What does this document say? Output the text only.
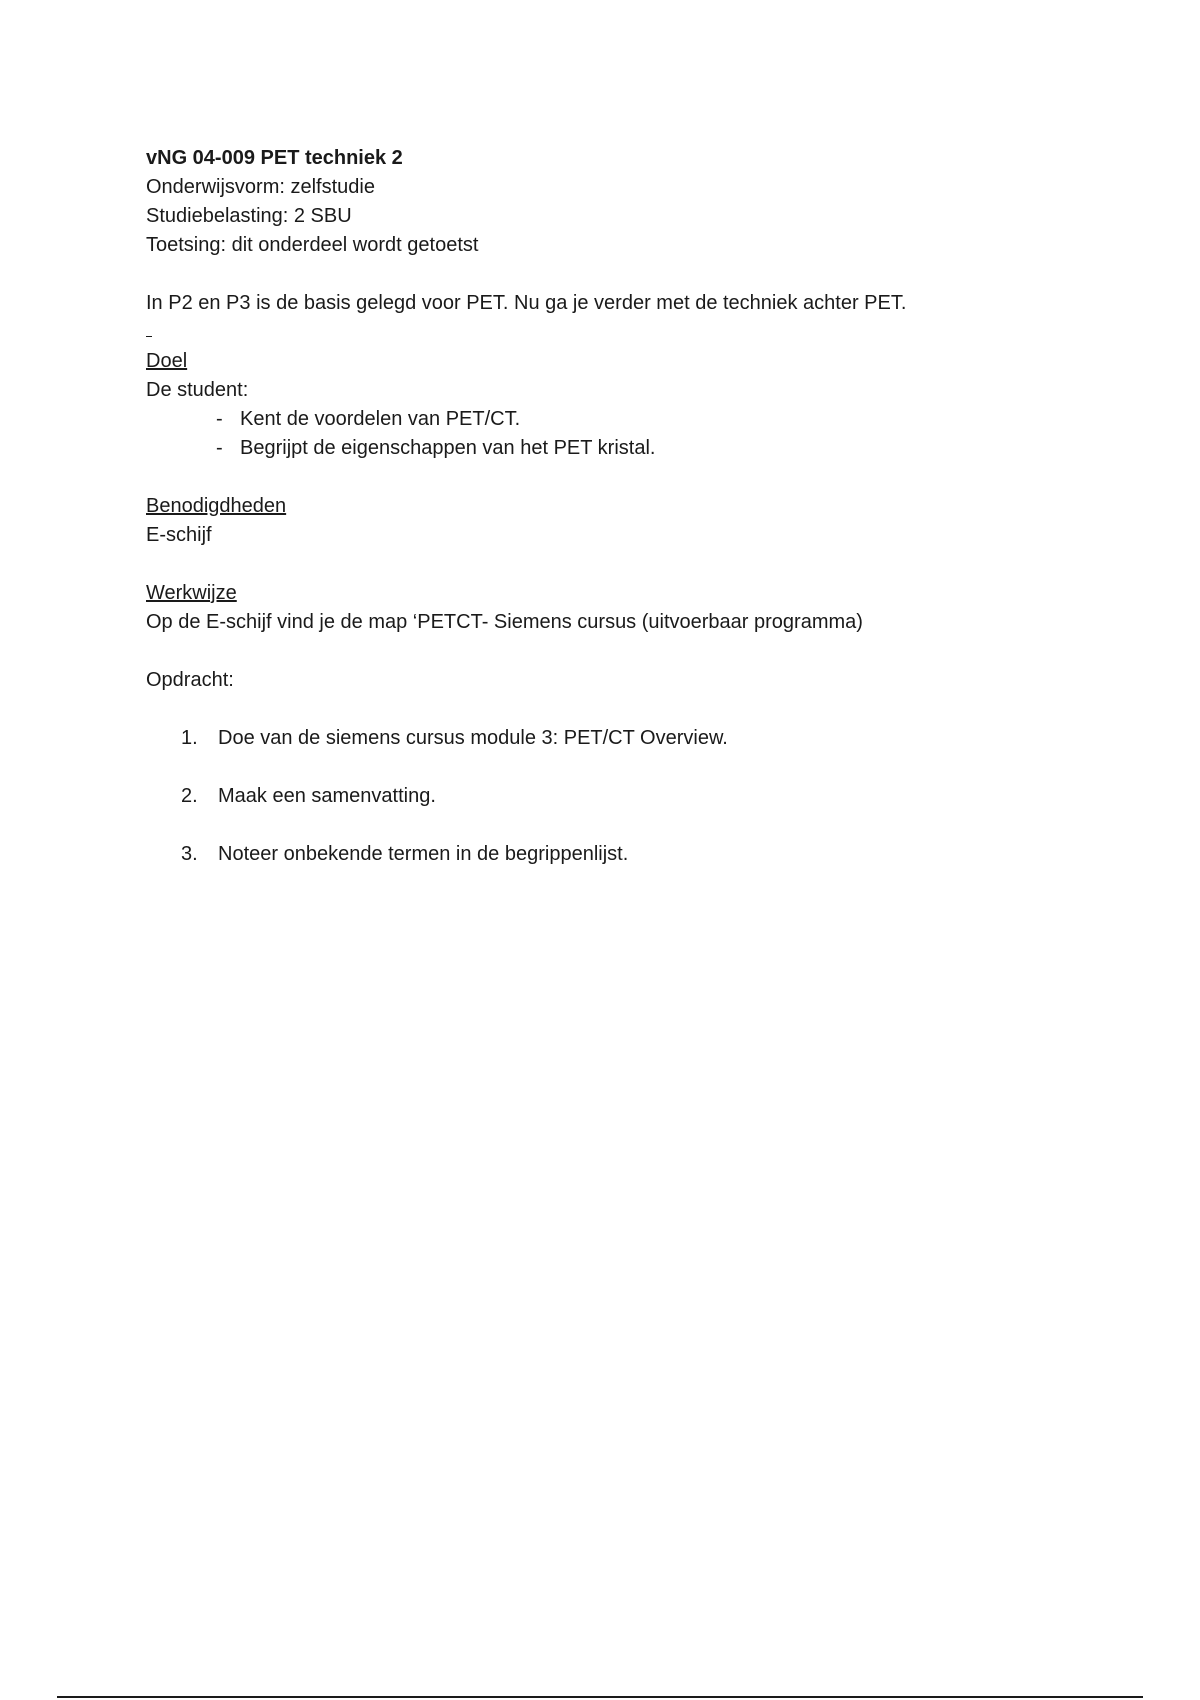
vNG 04-009 PET techniek 2
Onderwijsvorm: zelfstudie
Studiebelasting: 2 SBU
Toetsing: dit onderdeel wordt getoetst
In P2 en P3 is de basis gelegd voor PET. Nu ga je verder met de techniek achter PET.
Doel
De student:
- Kent de voordelen van PET/CT.
- Begrijpt de eigenschappen van het PET kristal.
Benodigdheden
E-schijf
Werkwijze
Op de E-schijf vind je de map ‘PETCT- Siemens cursus (uitvoerbaar programma)
Opdracht:
1. Doe van de siemens cursus module 3: PET/CT Overview.
2. Maak een samenvatting.
3. Noteer onbekende termen in de begrippenlijst.
